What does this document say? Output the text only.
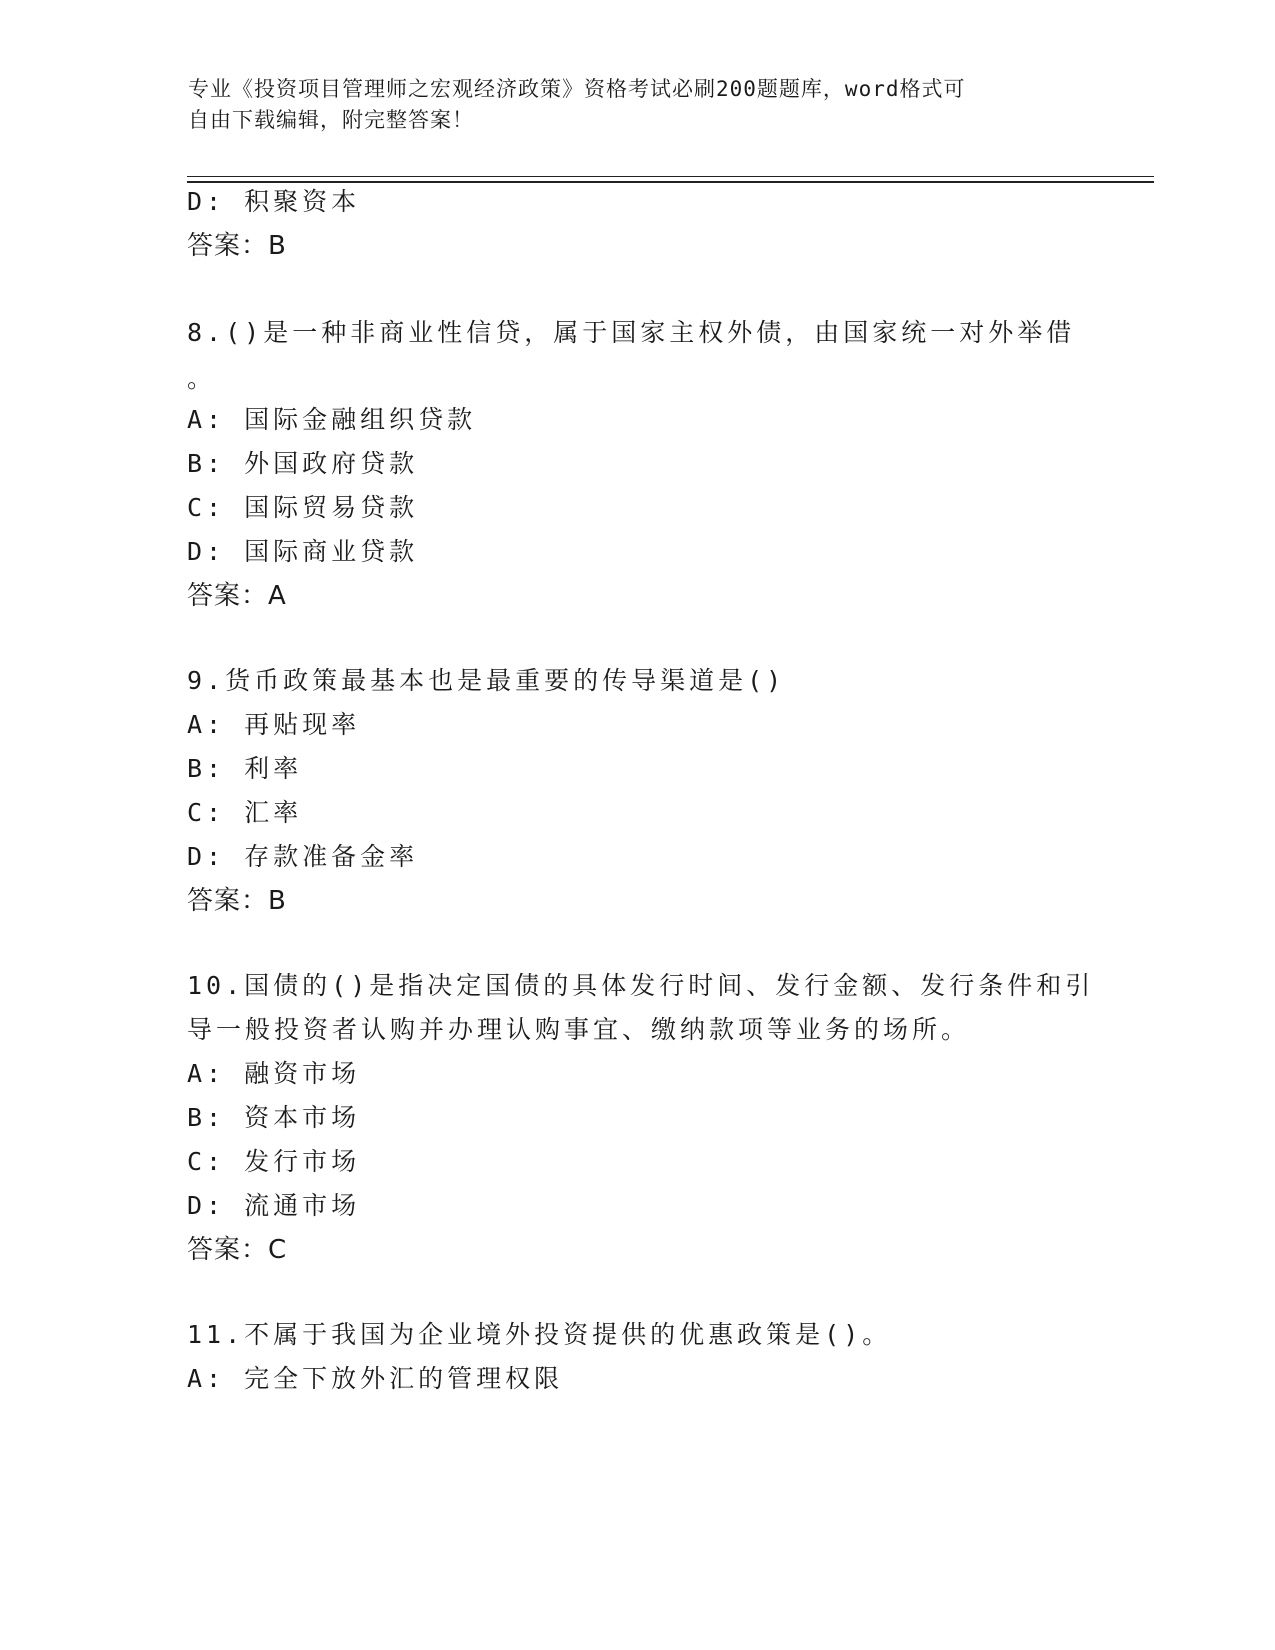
专业《投资项目管理师之宏观经济政策》资格考试必刷200题题库，word格式可
自由下载编辑，附完整答案！
D: 积聚资本
答案：B
8.()是一种非商业性信贷，属于国家主权外债，由国家统一对外举借
。
A: 国际金融组织贷款
B: 外国政府贷款
C: 国际贸易贷款
D: 国际商业贷款
答案：A
9.货币政策最基本也是最重要的传导渠道是()
A: 再贴现率
B: 利率
C: 汇率
D: 存款准备金率
答案：B
10.国债的()是指决定国债的具体发行时间、发行金额、发行条件和引
导一般投资者认购并办理认购事宜、缴纳款项等业务的场所。
A: 融资市场
B: 资本市场
C: 发行市场
D: 流通市场
答案：C
11.不属于我国为企业境外投资提供的优惠政策是()。
A: 完全下放外汇的管理权限
